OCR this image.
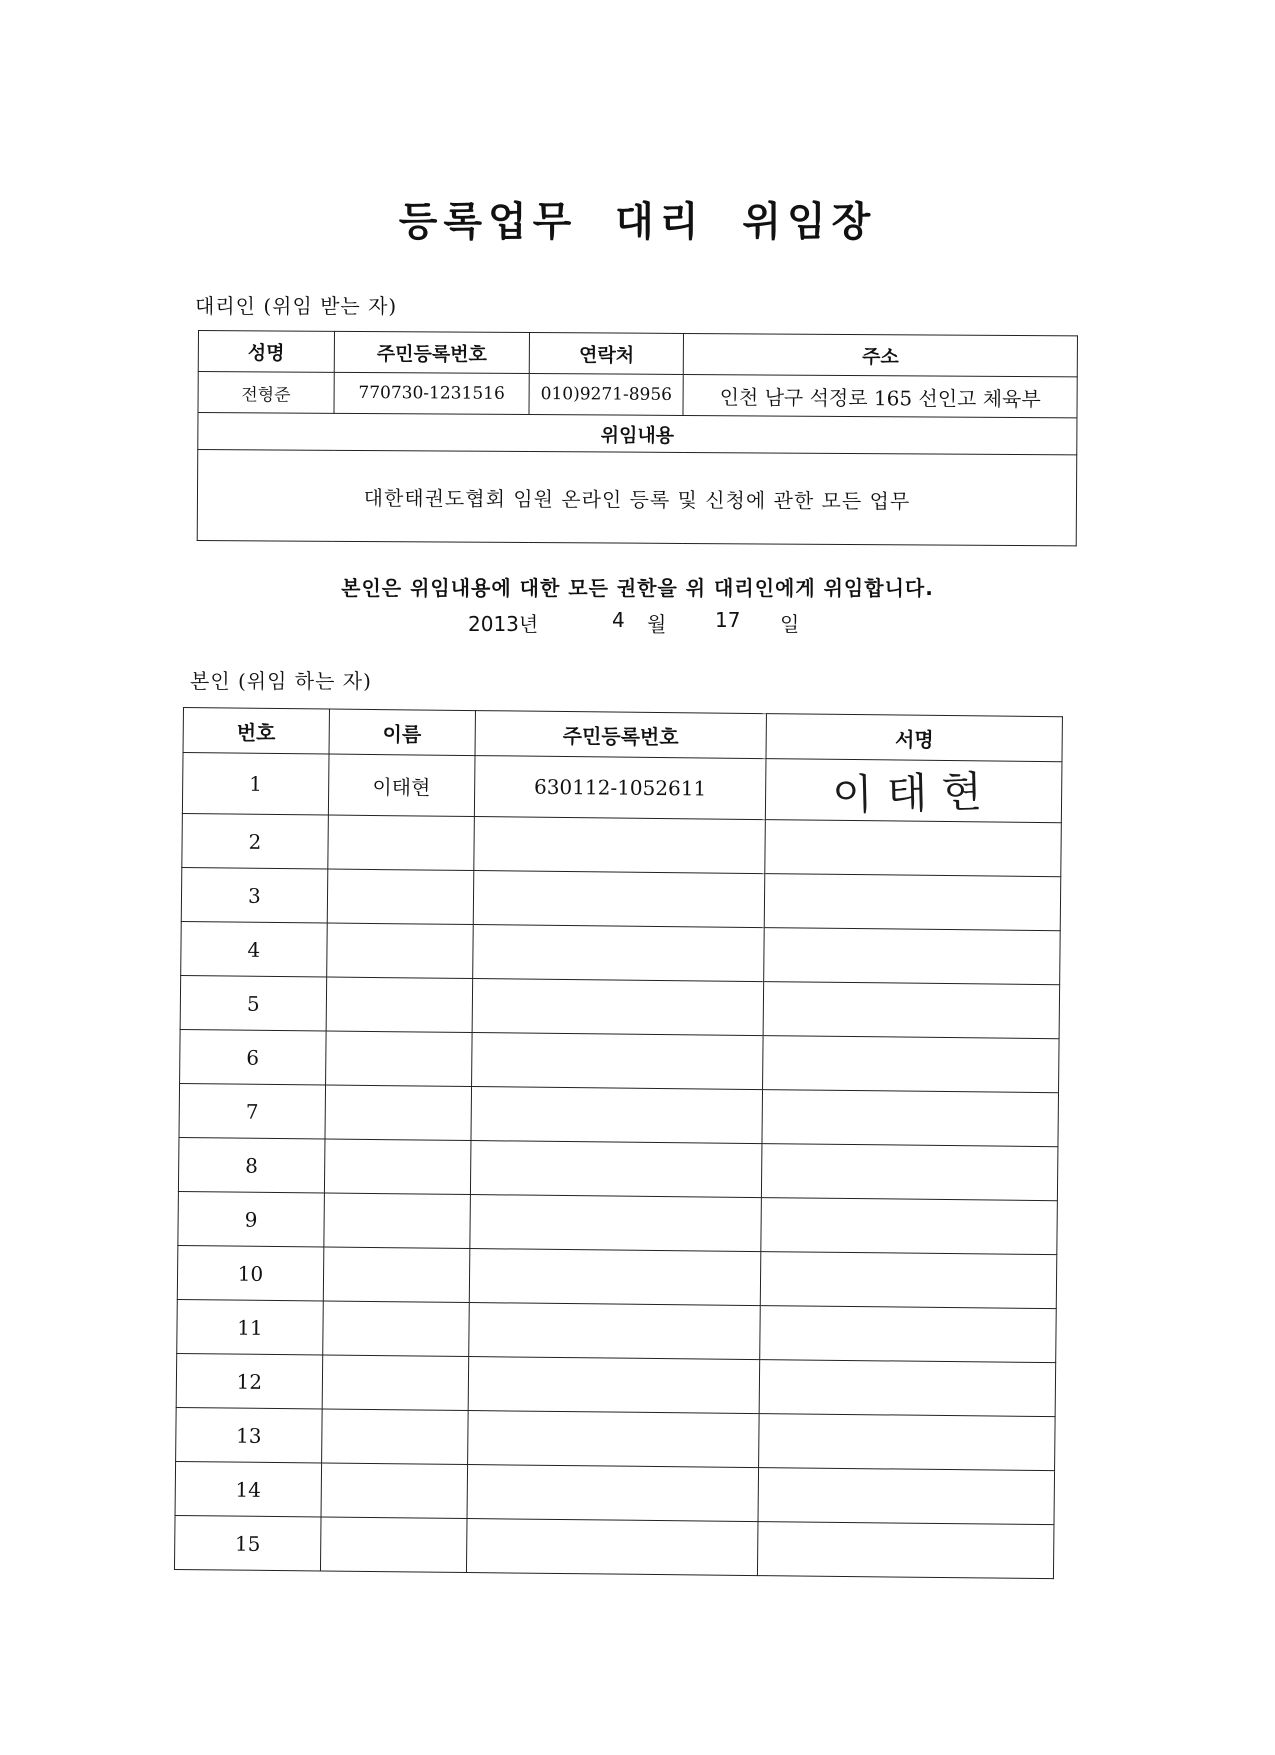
등록업무 대리 위임장
대리인 (위임 받는 자)
성명	주민등록번호	연락처	주소
전형준	770730-1231516	010)9271-8956	인천 남구 석정로 165 선인고 체육부
위임내용			
대한태권도협회 임원 온라인 등록 및 신청에 관한 모든 업무			
본인은 위임내용에 대한 모든 권한을 위 대리인에게 위임합니다.
2013년	4 월 17 일
본인 (위임 하는 자)
번호	이름	주민등록번호	서명
1	이태현	630112-1052611	이태현
2			
3			
4			
5			
6			
7			
8			
9			
10			
11			
12			
13			
14			
15			
